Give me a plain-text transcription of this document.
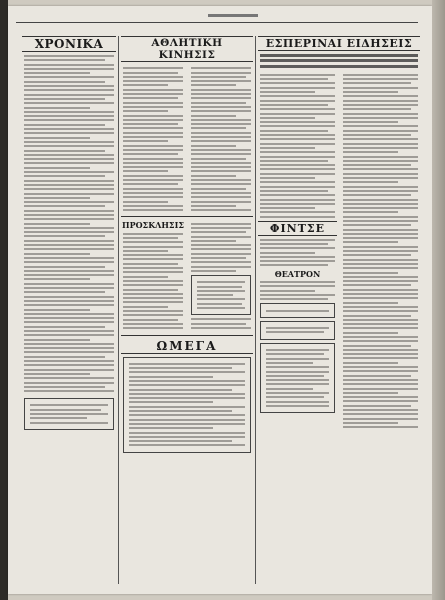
ΧΡΟΝΙΚΑ	ΑΘΛΗΤΙΚΗ ΚΙΝΗΣΙΣ
ΠΡΟΣΚΛΗΣΙΣ
ΩΜΕΓΑ
ΕΣΠΕΡΙΝΑΙ ΕΙΔΗΣΕΙΣ
ΦΙΝΤΣΕ
ΘΕΑΤΡΟΝ
